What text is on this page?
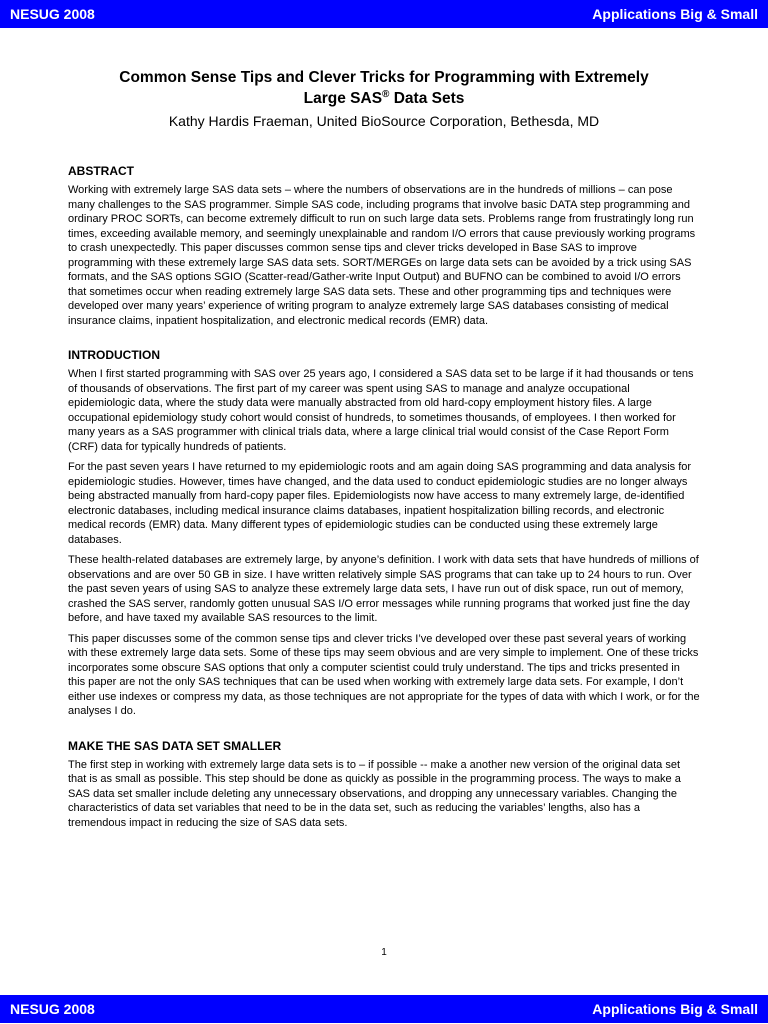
NESUG 2008	Applications Big & Small
Common Sense Tips and Clever Tricks for Programming with Extremely
Large SAS® Data Sets
Kathy Hardis Fraeman, United BioSource Corporation, Bethesda, MD
ABSTRACT

Working with extremely large SAS data sets – where the numbers of observations are in the hundreds of millions – can pose many challenges to the SAS programmer. Simple SAS code, including programs that involve basic DATA step programming and ordinary PROC SORTs, can become extremely difficult to run on such large data sets. Problems range from frustratingly long run times, exceeding available memory, and seemingly unexplainable and random I/O errors that cause previously working programs to crash unexpectedly. This paper discusses common sense tips and clever tricks developed in Base SAS to improve programming with these extremely large SAS data sets. SORT/MERGEs on large data sets can be avoided by a trick using SAS formats, and the SAS options SGIO (Scatter-read/Gather-write Input Output) and BUFNO can be combined to avoid I/O errors that sometimes occur when reading extremely large SAS data sets. These and other programming tips and techniques were developed over many years’ experience of writing program to analyze extremely large SAS databases consisting of medical insurance claims, inpatient hospitalization, and electronic medical records (EMR) data.

INTRODUCTION

When I first started programming with SAS over 25 years ago, I considered a SAS data set to be large if it had thousands or tens of thousands of observations. The first part of my career was spent using SAS to manage and analyze occupational epidemiologic data, where the study data were manually abstracted from old hard-copy employment history files. A large occupational epidemiology study cohort would consist of hundreds, to sometimes thousands, of employees. I then worked for many years as a SAS programmer with clinical trials data, where a large clinical trial would consist of the Case Report Form (CRF) data for typically hundreds of patients.

For the past seven years I have returned to my epidemiologic roots and am again doing SAS programming and data analysis for epidemiologic studies. However, times have changed, and the data used to conduct epidemiologic studies are no longer always being abstracted manually from hard-copy paper files. Epidemiologists now have access to many extremely large, de-identified electronic databases, including medical insurance claims databases, inpatient hospitalization billing records, and electronic medical records (EMR) data. Many different types of epidemiologic studies can be conducted using these extremely large databases.

These health-related databases are extremely large, by anyone’s definition. I work with data sets that have hundreds of millions of observations and are over 50 GB in size. I have written relatively simple SAS programs that can take up to 24 hours to run. Over the past seven years of using SAS to analyze these extremely large data sets, I have run out of disk space, run out of memory, crashed the SAS server, randomly gotten unusual SAS I/O error messages while running programs that worked just fine the day before, and have taxed my available SAS resources to the limit.

This paper discusses some of the common sense tips and clever tricks I’ve developed over these past several years of working with these extremely large data sets. Some of these tips may seem obvious and are very simple to implement. One of these tricks incorporates some obscure SAS options that only a computer scientist could truly understand. The tips and tricks presented in this paper are not the only SAS techniques that can be used when working with extremely large data sets. For example, I don’t either use indexes or compress my data, as those techniques are not appropriate for the types of data with which I work, or for the analyses I do.

MAKE THE SAS DATA SET SMALLER

The first step in working with extremely large data sets is to – if possible -- make a another new version of the original data set that is as small as possible. This step should be done as quickly as possible in the programming process. The ways to make a SAS data set smaller include deleting any unnecessary observations, and dropping any unnecessary variables. Changing the characteristics of data set variables that need to be in the data set, such as reducing the variables’ lengths, also has a tremendous impact in reducing the size of SAS data sets.

1
NESUG 2008	Applications Big & Small
